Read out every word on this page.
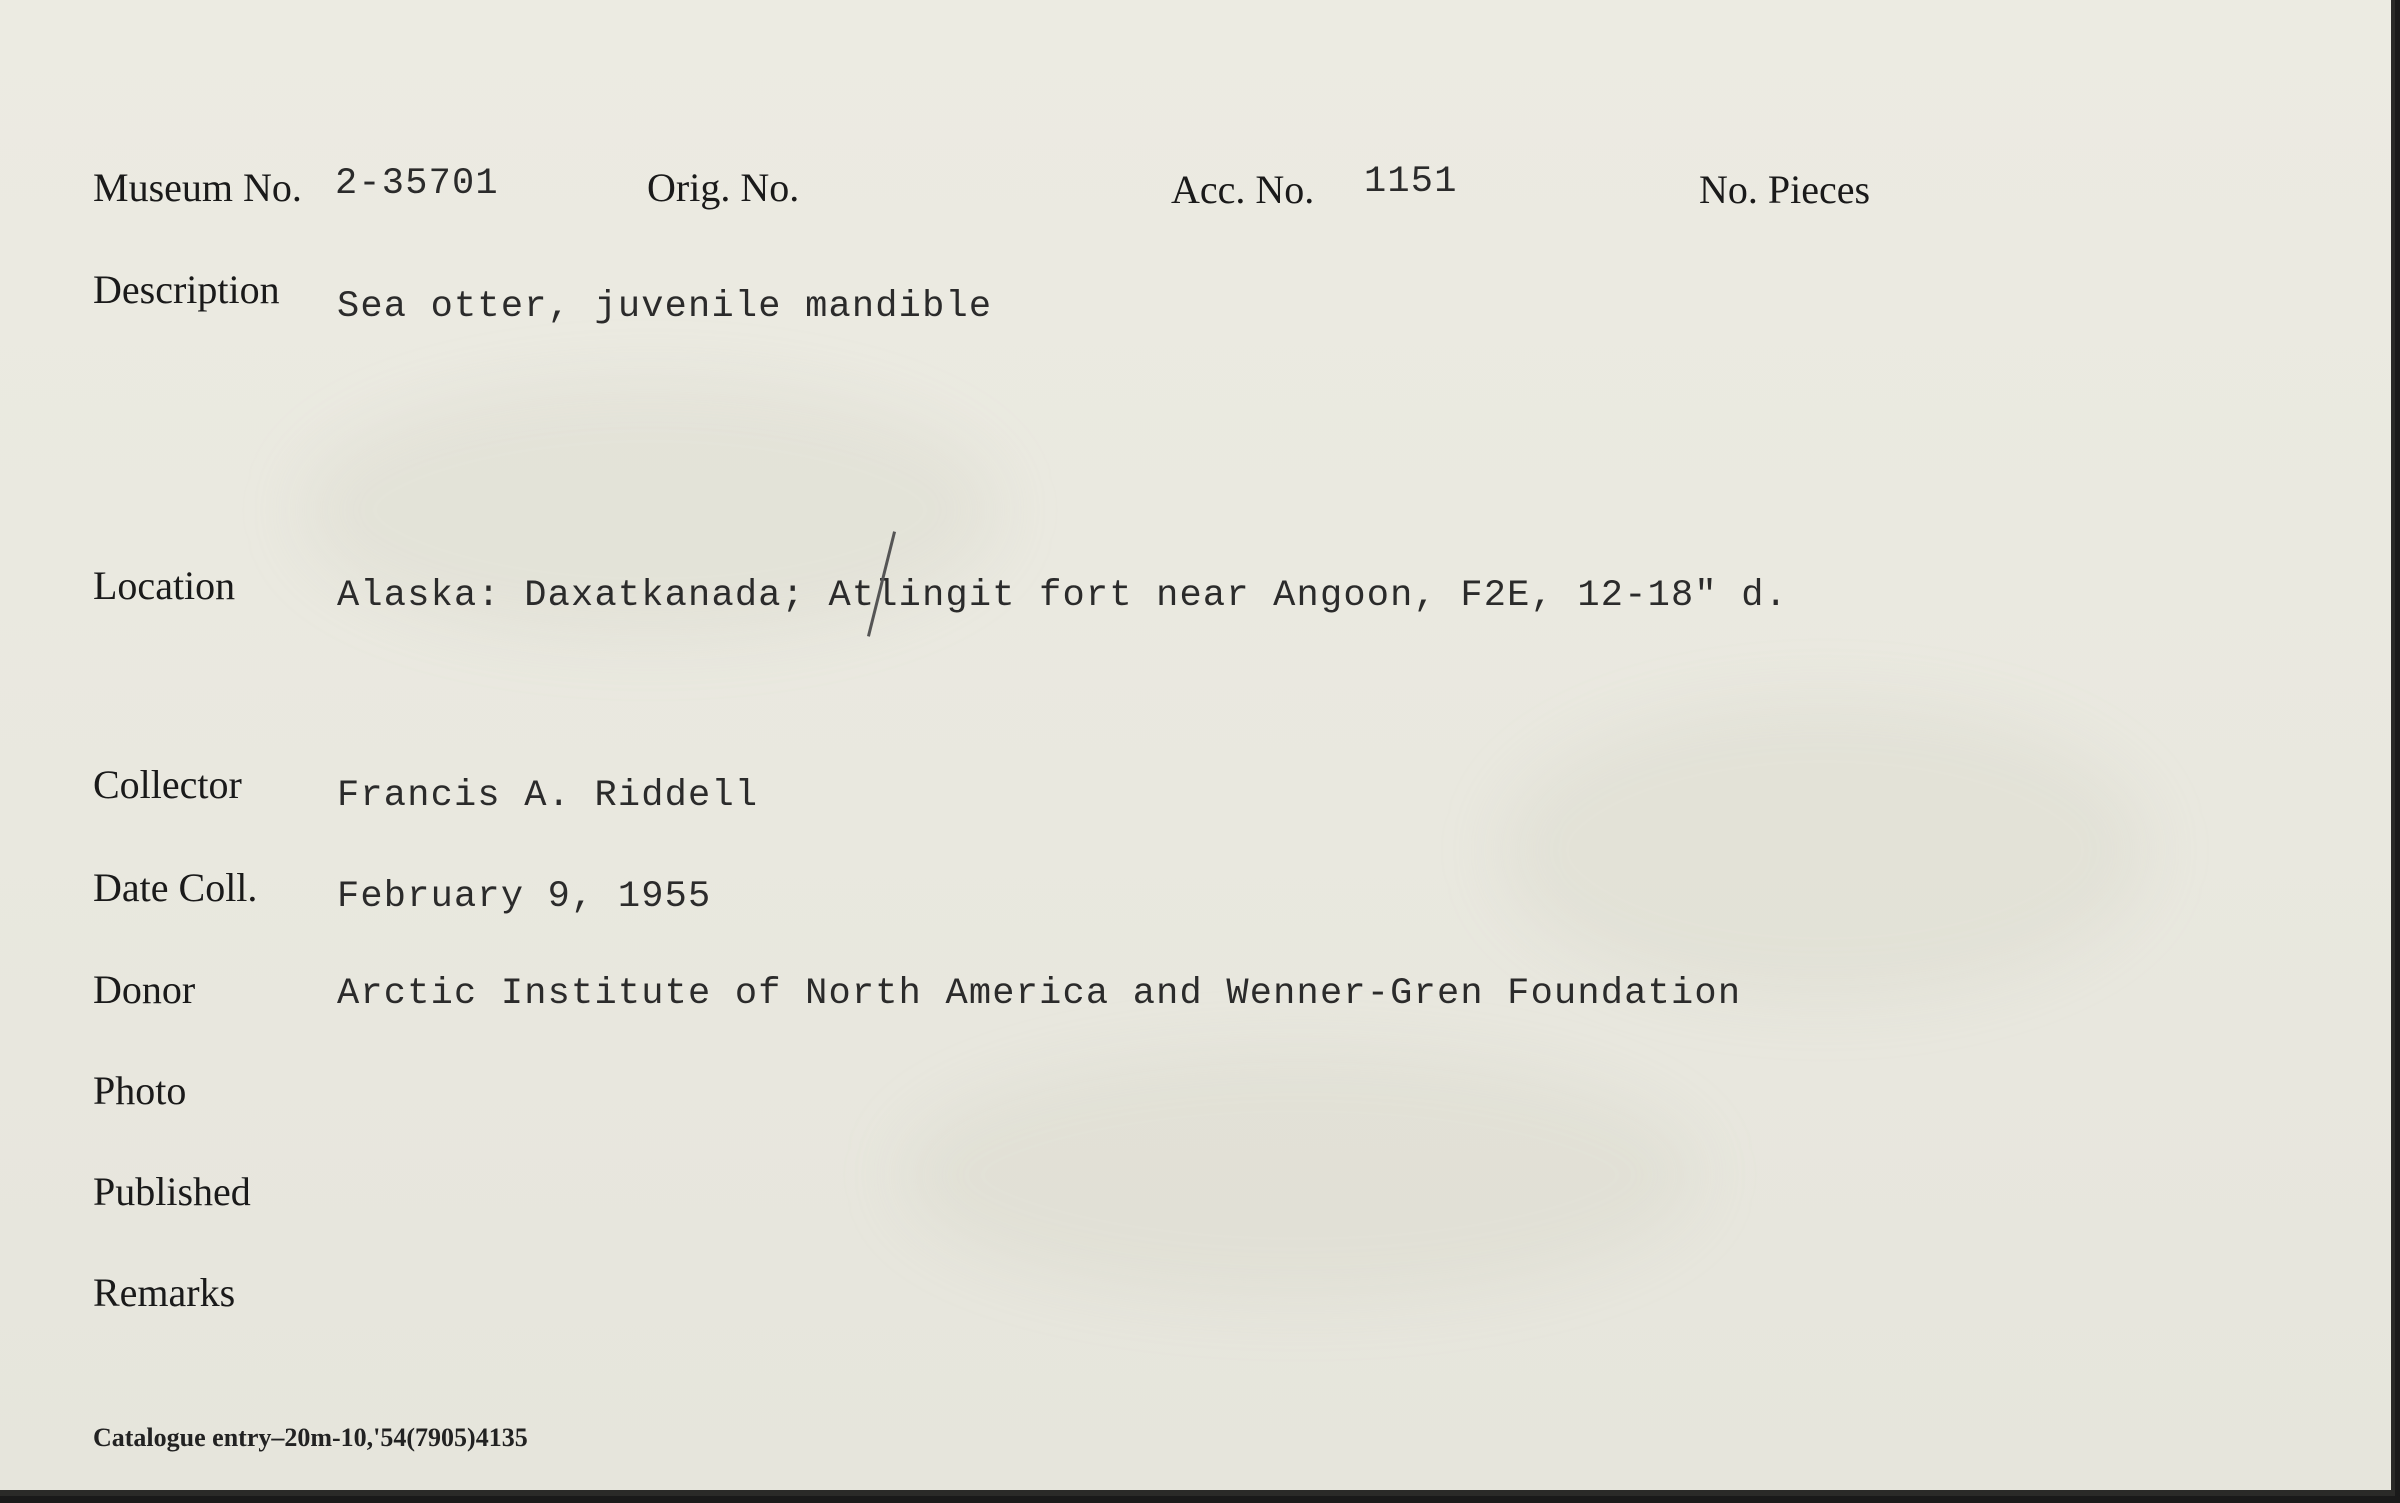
Museum No. 2-35701	Orig. No.	Acc. No. 1151	No. Pieces
Description Sea otter, juvenile mandible
Location	Alaska: Daxatkanada; Atlingit fort near Angoon, F2E, 12-18" d.
Collector	Francis A. Riddell
Date Coll. February 9, 1955
Donor	Arctic Institute of North America and Wenner-Gren Foundation
Photo
Published
Remarks
Catalogue entry–20m-10,'54(7905)4135
